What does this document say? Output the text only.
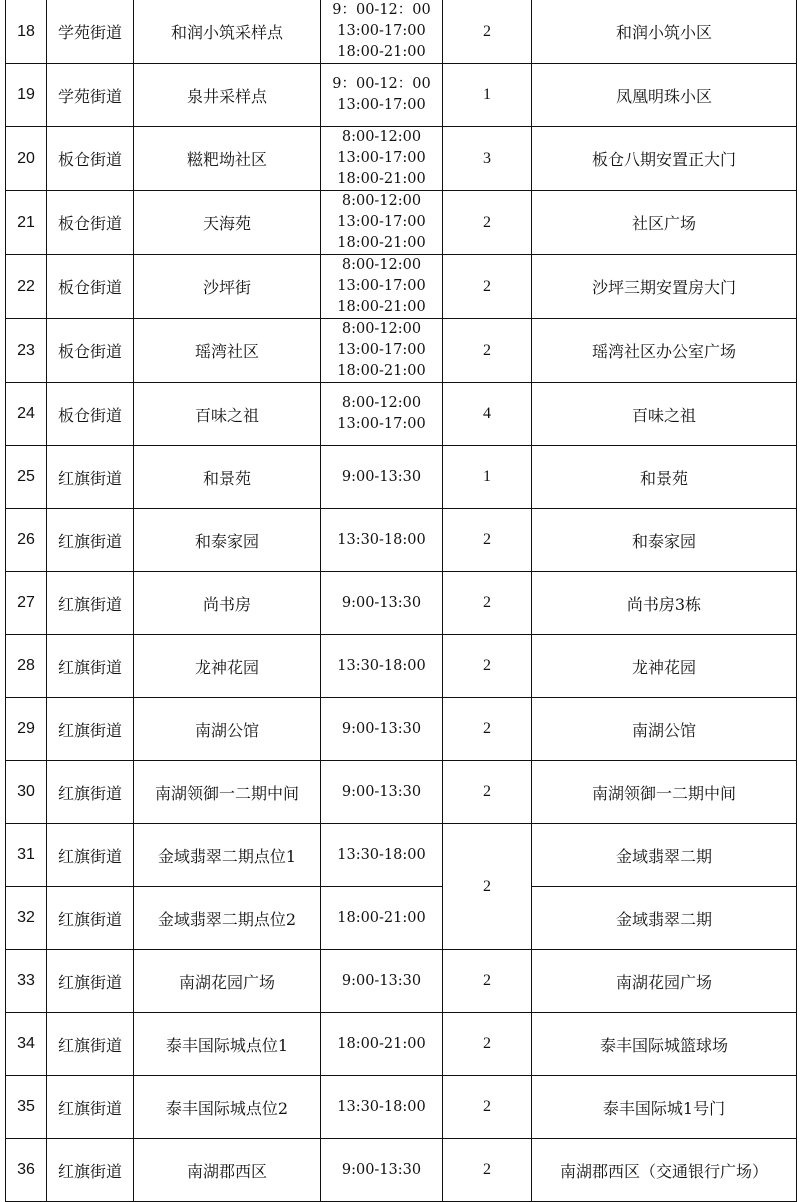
18	学苑街道	和润小筑采样点	9：00-12：00
13:00-17:00
18:00-21:00	2	和润小筑小区
19	学苑街道	泉井采样点	9：00-12：00
13:00-17:00	1	凤凰明珠小区
20	板仓街道	糍粑坳社区	8:00-12:00
13:00-17:00
18:00-21:00	3	板仓八期安置正大门
21	板仓街道	天海苑	8:00-12:00
13:00-17:00
18:00-21:00	2	社区广场
22	板仓街道	沙坪街	8:00-12:00
13:00-17:00
18:00-21:00	2	沙坪三期安置房大门
23	板仓街道	瑶湾社区	8:00-12:00
13:00-17:00
18:00-21:00	2	瑶湾社区办公室广场
24	板仓街道	百味之祖	8:00-12:00
13:00-17:00	4	百味之祖
25	红旗街道	和景苑	9:00-13:30	1	和景苑
26	红旗街道	和泰家园	13:30-18:00	2	和泰家园
27	红旗街道	尚书房	9:00-13:30	2	尚书房3栋
28	红旗街道	龙神花园	13:30-18:00	2	龙神花园
29	红旗街道	南湖公馆	9:00-13:30	2	南湖公馆
30	红旗街道	南湖领御一二期中间	9:00-13:30	2	南湖领御一二期中间
31	红旗街道	金域翡翠二期点位1	13:30-18:00	2	金域翡翠二期
32	红旗街道	金域翡翠二期点位2	18:00-21:00		金域翡翠二期
33	红旗街道	南湖花园广场	9:00-13:30	2	南湖花园广场
34	红旗街道	泰丰国际城点位1	18:00-21:00	2	泰丰国际城篮球场
35	红旗街道	泰丰国际城点位2	13:30-18:00	2	泰丰国际城1号门
36	红旗街道	南湖郡西区	9:00-13:30	2	南湖郡西区（交通银行广场）
